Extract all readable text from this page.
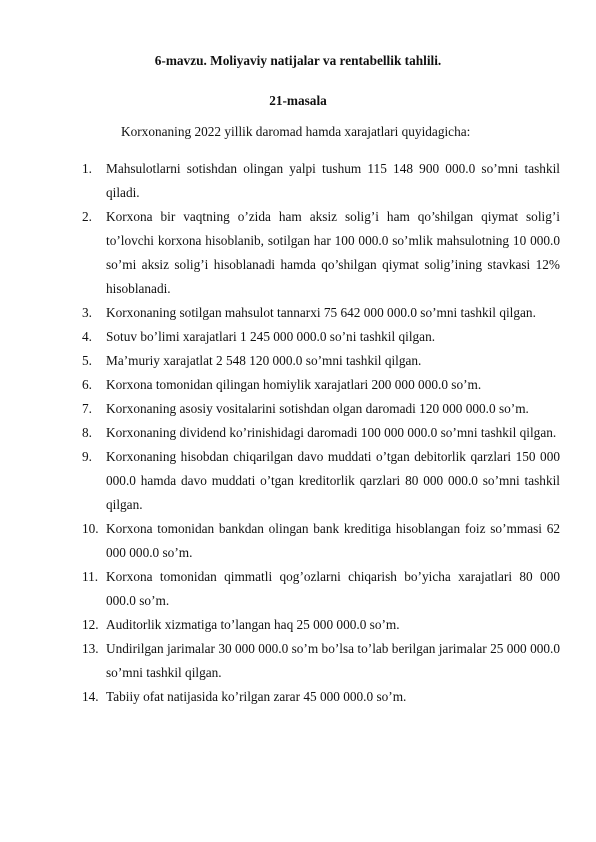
6-mavzu. Moliyaviy natijalar va rentabellik tahlili.
21-masala
Korxonaning 2022 yillik daromad hamda xarajatlari quyidagicha:
1.	Mahsulotlarni sotishdan olingan yalpi tushum 115 148 900 000.0 so’mni tashkil qiladi.
2.	Korxona bir vaqtning o’zida ham aksiz solig’i ham qo’shilgan qiymat solig’i to’lovchi korxona hisoblanib, sotilgan har 100 000.0 so’mlik mahsulotning 10 000.0 so’mi aksiz solig’i hisoblanadi hamda qo’shilgan qiymat solig’ining stavkasi 12% hisoblanadi.
3.	Korxonaning sotilgan mahsulot tannarxi 75 642 000 000.0 so’mni tashkil qilgan.
4.	Sotuv bo’limi xarajatlari 1 245 000 000.0 so’ni tashkil qilgan.
5.	Ma’muriy xarajatlat 2 548 120 000.0 so’mni tashkil qilgan.
6.	Korxona tomonidan qilingan homiylik xarajatlari 200 000 000.0 so’m.
7.	Korxonaning asosiy vositalarini sotishdan olgan daromadi 120 000 000.0 so’m.
8.	Korxonaning dividend ko’rinishidagi daromadi 100 000 000.0 so’mni tashkil qilgan.
9.	Korxonaning hisobdan chiqarilgan davo muddati o’tgan debitorlik qarzlari 150 000 000.0 hamda davo muddati o’tgan kreditorlik qarzlari 80 000 000.0 so’mni tashkil qilgan.
10. Korxona tomonidan bankdan olingan bank kreditiga hisoblangan foiz so’mmasi 62 000 000.0 so’m.
11. Korxona tomonidan qimmatli qog’ozlarni chiqarish bo’yicha xarajatlari 80 000 000.0 so’m.
12. Auditorlik xizmatiga to’langan haq 25 000 000.0 so’m.
13. Undirilgan jarimalar 30 000 000.0 so’m bo’lsa to’lab berilgan jarimalar 25 000 000.0 so’mni tashkil qilgan.
14. Tabiiy ofat natijasida ko’rilgan zarar 45 000 000.0 so’m.
